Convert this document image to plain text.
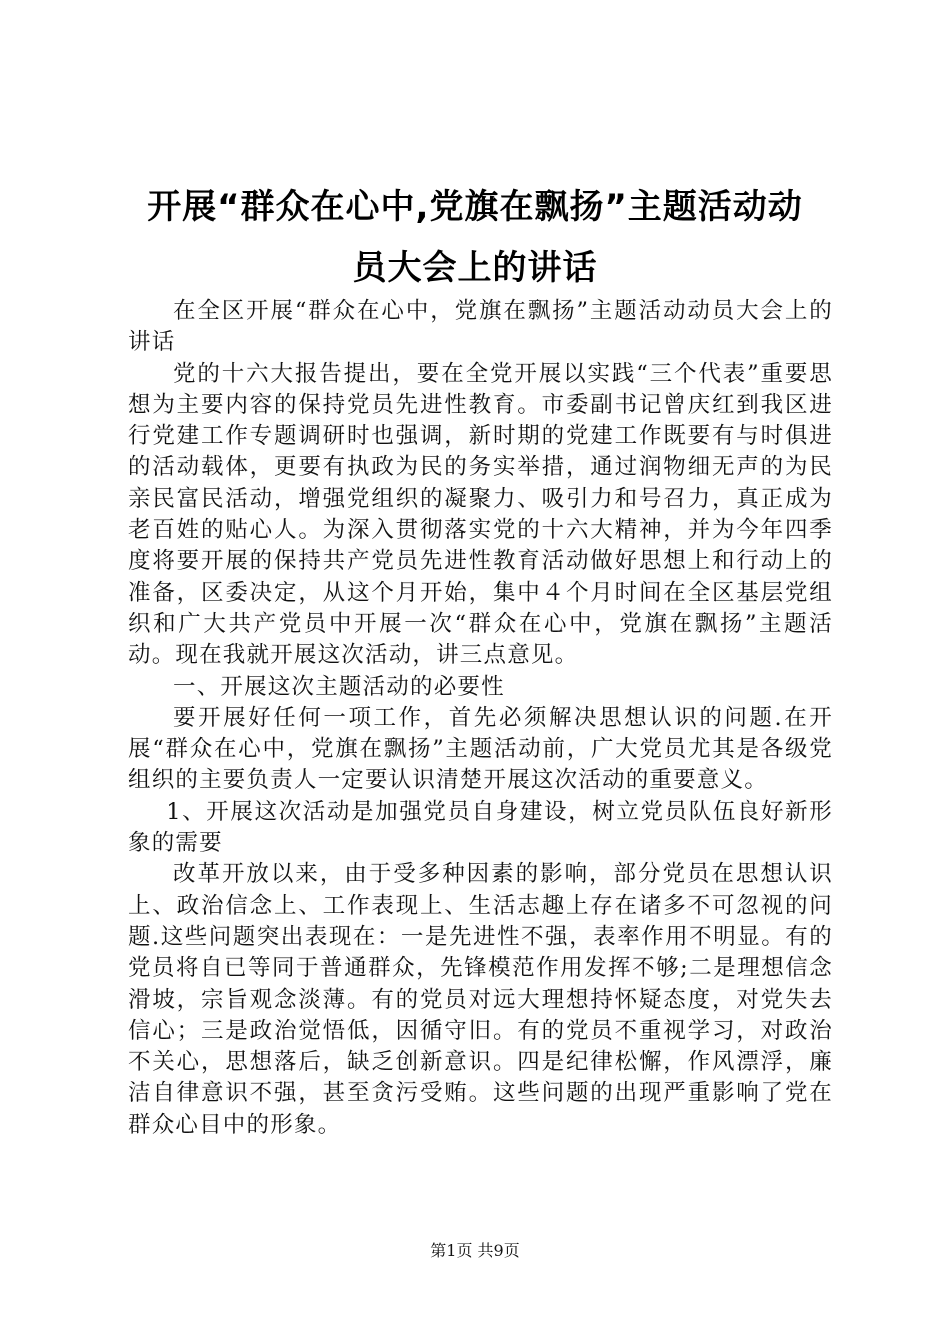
开展“群众在心中,党旗在飘扬”主题活动动
员大会上的讲话

在全区开展“群众在心中，党旗在飘扬”主题活动动员大会上的讲话

党的十六大报告提出，要在全党开展以实践“三个代表”重要思想为主要内容的保持党员先进性教育。市委副书记曾庆红到我区进行党建工作专题调研时也强调，新时期的党建工作既要有与时俱进的活动载体，更要有执政为民的务实举措，通过润物细无声的为民亲民富民活动，增强党组织的凝聚力、吸引力和号召力，真正成为老百姓的贴心人。为深入贯彻落实党的十六大精神，并为今年四季度将要开展的保持共产党员先进性教育活动做好思想上和行动上的准备，区委决定，从这个月开始，集中４个月时间在全区基层党组织和广大共产党员中开展一次“群众在心中，党旗在飘扬”主题活动。现在我就开展这次活动，讲三点意见。

一、开展这次主题活动的必要性

要开展好任何一项工作，首先必须解决思想认识的问题.在开展“群众在心中，党旗在飘扬”主题活动前，广大党员尤其是各级党组织的主要负责人一定要认识清楚开展这次活动的重要意义。

1、开展这次活动是加强党员自身建设，树立党员队伍良好新形象的需要

改革开放以来，由于受多种因素的影响，部分党员在思想认识上、政治信念上、工作表现上、生活志趣上存在诸多不可忽视的问题.这些问题突出表现在：一是先进性不强，表率作用不明显。有的党员将自已等同于普通群众，先锋模范作用发挥不够;二是理想信念滑坡，宗旨观念淡薄。有的党员对远大理想持怀疑态度，对党失去信心；三是政治觉悟低，因循守旧。有的党员不重视学习，对政治不关心，思想落后，缺乏创新意识。四是纪律松懈，作风漂浮，廉洁自律意识不强，甚至贪污受贿。这些问题的出现严重影响了党在群众心目中的形象。

第1页 共9页
